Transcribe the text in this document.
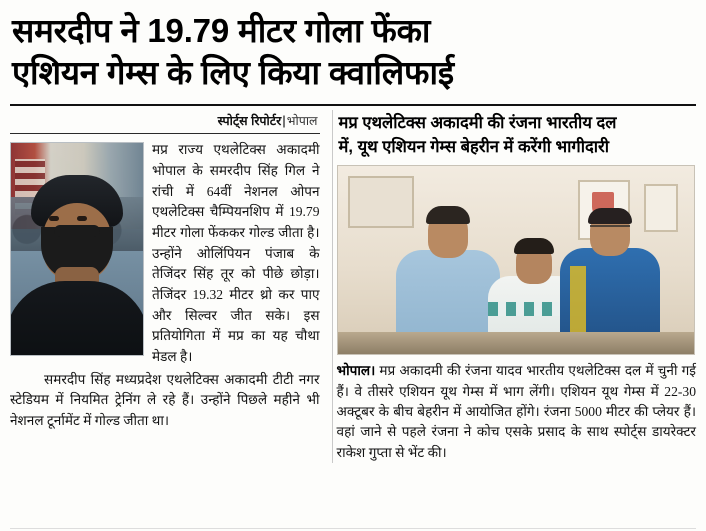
समरदीप ने 19.79 मीटर गोला फेंका
एशियन गेम्स के लिए किया क्वालिफाई
स्पोर्ट्स रिपोर्टर|भोपाल

मप्र राज्य एथलेटिक्स अकादमी भोपाल के समरदीप सिंह गिल ने रांची में 64वीं नेशनल ओपन एथलेटिक्स चैम्पियनशिप में 19.79 मीटर गोला फेंककर गोल्ड जीता है। उन्होंने ओलिंपियन पंजाब के तेजिंदर सिंह तूर को पीछे छोड़ा। तेजिंदर 19.32 मीटर थ्रो कर पाए और सिल्वर जीत सके। इस प्रतियोगिता में मप्र का यह चौथा मेडल है।

समरदीप सिंह मध्यप्रदेश एथलेटिक्स अकादमी टीटी नगर स्टेडियम में नियमित ट्रेनिंग ले रहे हैं। उन्होंने पिछले महीने भी नेशनल टूर्नामेंट में गोल्ड जीता था।

मप्र एथलेटिक्स अकादमी की रंजना भारतीय दल
में, यूथ एशियन गेम्स बेहरीन में करेंगी भागीदारी
भोपाल। मप्र अकादमी की रंजना यादव भारतीय एथलेटिक्स दल में चुनी गई हैं। वे तीसरे एशियन यूथ गेम्स में भाग लेंगी। एशियन यूथ गेम्स में 22-30 अक्टूबर के बीच बेहरीन में आयोजित होंगे। रंजना 5000 मीटर की प्लेयर हैं। वहां जाने से पहले रंजना ने कोच एसके प्रसाद के साथ स्पोर्ट्स डायरेक्टर राकेश गुप्ता से भेंट की।
